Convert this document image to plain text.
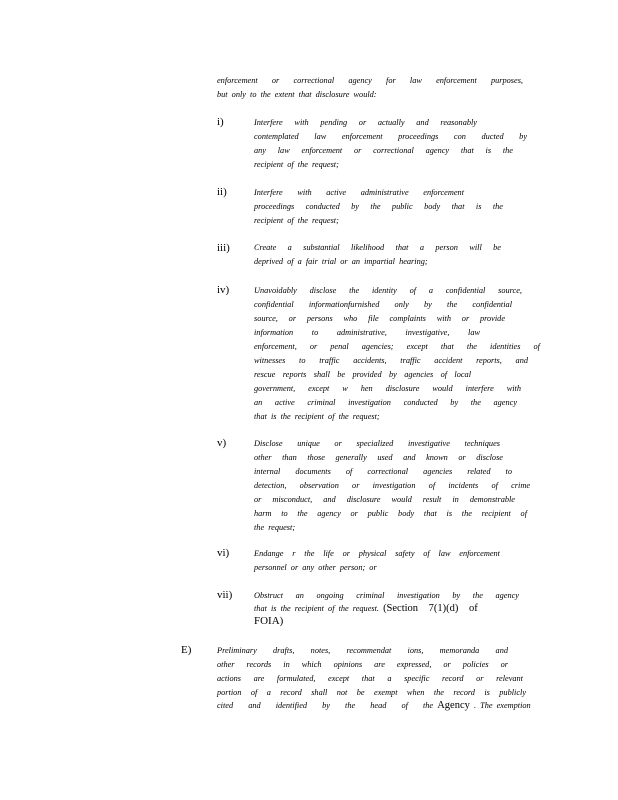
enforcement or correctional agency for law enforcement purposes,

but only to the extent that disclosure would:

i)	Interfere with pending or actually and reasonably

contemplated law enforcement proceedings con ducted by

any law enforcement or correctional agency that is the

recipient of the request;

ii)	Interfere with active administrative enforcement

proceedings conducted by the public body that is the

recipient of the request;

iii)	Create a substantial likelihood that a person will be

deprived of a fair trial or an impartial hearing;

iv)	Unavoidably disclose the identity of a confidential source,

confidential informationfurnished only by the confidential

source, or persons who file complaints with or provide

information to administrative, investigative, law

enforcement, or penal agencies; except that the identities of

witnesses to traffic accidents, traffic accident reports, and

rescue reports shall be provided by agencies of local

government, except w hen disclosure would interfere with

an active criminal investigation conducted by the agency

that is the recipient of the request;

v)	Disclose unique or specialized investigative techniques

other than those generally used and known or disclose

internal documents of correctional agencies related to

detection, observation or investigation of incidents of crime

or misconduct, and disclosure would result in demonstrable

harm to the agency or public body that is the recipient of

the request;

vi)	Endange r the life or physical safety of law enforcement

personnel or any other person; or

vii)	Obstruct an ongoing criminal investigation by the agency

that is the recipient of the request. (Section 7(1)(d) of

FOIA)

E)	Preliminary drafts, notes, recommendat ions, memoranda and

other records in which opinions are expressed, or policies or

actions are formulated, except that a specific record or relevant

portion of a record shall not be exempt when the record is publicly

cited and identified by the head of the Agency . The exemption
